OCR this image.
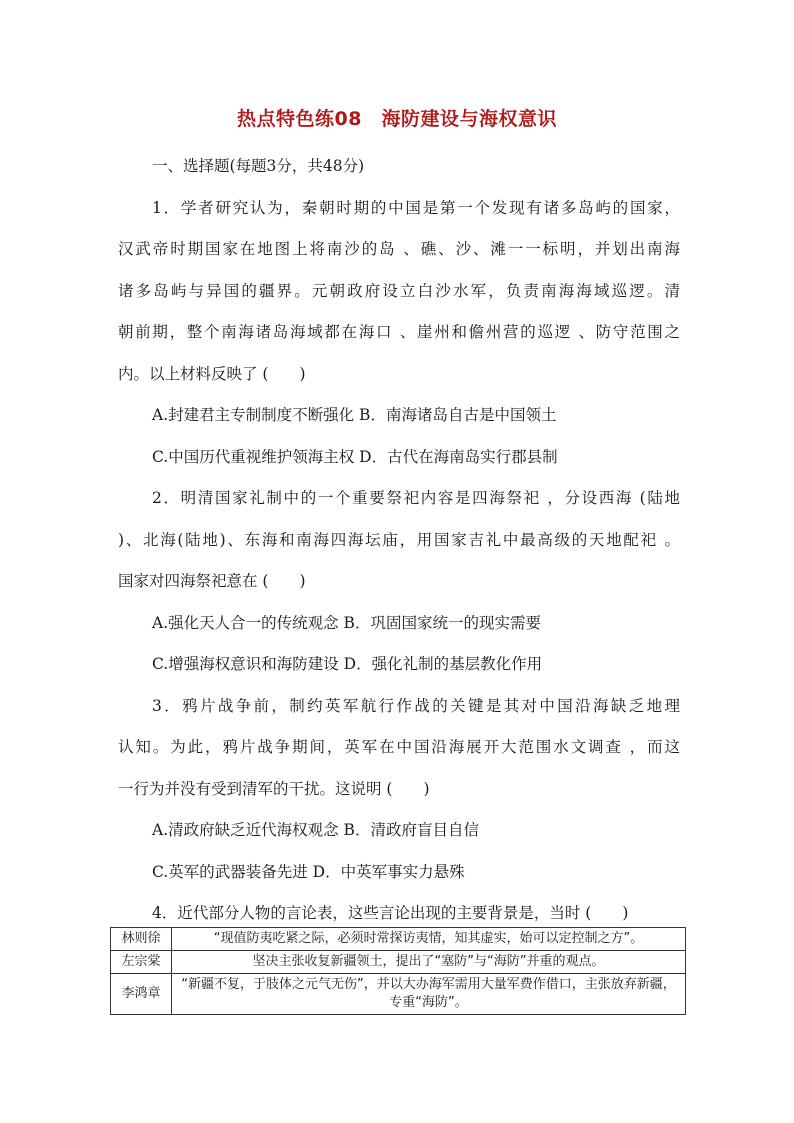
热点特色练08　海防建设与海权意识
一、选择题(每题3分，共48分)
1．学者研究认为，秦朝时期的中国是第一个发现有诸多岛屿的国家，
汉武帝时期国家在地图上将南沙的岛 、礁、沙、滩一一标明，并划出南海
诸多岛屿与异国的疆界。元朝政府设立白沙水军，负责南海海域巡逻。清
朝前期，整个南海诸岛海域都在海口 、崖州和儋州营的巡逻 、防守范围之
内。以上材料反映了 (　　)
A.封建君主专制制度不断强化 B．南海诸岛自古是中国领土
C.中国历代重视维护领海主权 D．古代在海南岛实行郡县制
2．明清国家礼制中的一个重要祭祀内容是四海祭祀 ，分设西海 (陆地
)、北海(陆地)、东海和南海四海坛庙，用国家吉礼中最高级的天地配祀 。
国家对四海祭祀意在 (　　)
A.强化天人合一的传统观念 B．巩固国家统一的现实需要
C.增强海权意识和海防建设 D．强化礼制的基层教化作用
3．鸦片战争前，制约英军航行作战的关键是其对中国沿海缺乏地理
认知。为此，鸦片战争期间，英军在中国沿海展开大范围水文调查 ，而这
一行为并没有受到清军的干扰。这说明 (　　)
A.清政府缺乏近代海权观念 B．清政府盲目自信
C.英军的武器装备先进 D．中英军事实力悬殊
4．近代部分人物的言论表，这些言论出现的主要背景是，当时 (　　)
林则徐	“现值防夷吃紧之际，必须时常探访夷情，知其虚实，始可以定控制之方”。
左宗棠	坚决主张收复新疆领土，提出了“塞防”与“海防”并重的观点。
李鸿章	“新疆不复，于肢体之元气无伤”，并以大办海军需用大量军费作借口，主张放弃新疆，专重“海防”。
